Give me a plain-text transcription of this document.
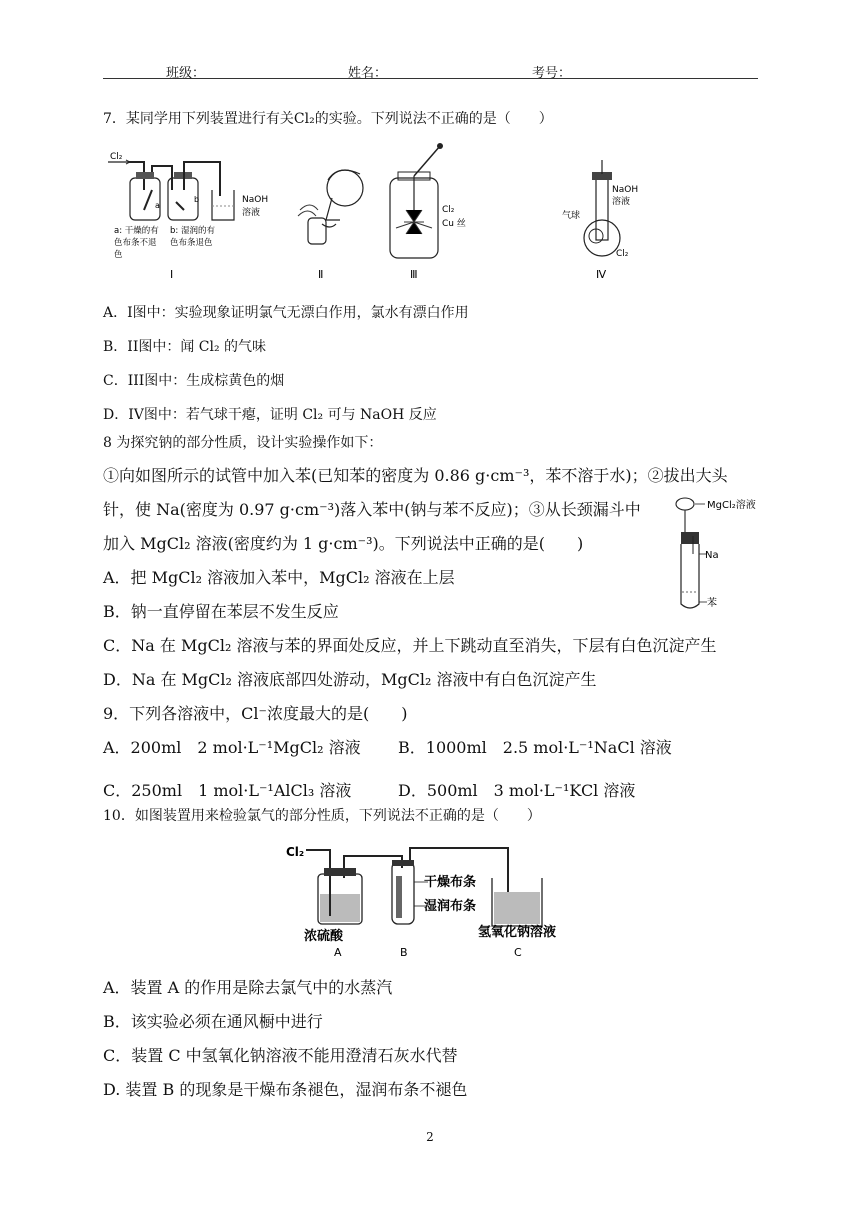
班级：	姓名：	考号：
7．某同学用下列装置进行有关Cl₂的实验。下列说法不正确的是（　　）
Cl₂
a
b	NaOH
溶液
a: 干燥的有
色布条不退
色
b: 湿润的有
色布条退色
Ⅰ	Ⅱ
Cl₂
Cu 丝
Ⅲ
气球
NaOH
溶液
Cl₂
Ⅳ
A．I图中：实验现象证明氯气无漂白作用，氯水有漂白作用
B．II图中：闻 Cl₂ 的气味
C．III图中：生成棕黄色的烟
D．IV图中：若气球干瘪，证明 Cl₂ 可与 NaOH 反应
8 为探究钠的部分性质，设计实验操作如下：
①向如图所示的试管中加入苯(已知苯的密度为 0.86 g·cm⁻³，苯不溶于水)；②拔出大头
针，使 Na(密度为 0.97 g·cm⁻³)落入苯中(钠与苯不反应)；③从长颈漏斗中
加入 MgCl₂ 溶液(密度约为 1 g·cm⁻³)。下列说法中正确的是(　　)
MgCl₂溶液
Na
苯
A．把 MgCl₂ 溶液加入苯中，MgCl₂ 溶液在上层
B．钠一直停留在苯层不发生反应
C．Na 在 MgCl₂ 溶液与苯的界面处反应，并上下跳动直至消失，下层有白色沉淀产生
D．Na 在 MgCl₂ 溶液底部四处游动，MgCl₂ 溶液中有白色沉淀产生
9．下列各溶液中，Cl⁻浓度最大的是(　　)
A．200ml　2 mol·L⁻¹MgCl₂ 溶液 B．1000ml　2.5 mol·L⁻¹NaCl 溶液
C．250ml　1 mol·L⁻¹AlCl₃ 溶液	D．500ml　3 mol·L⁻¹KCl 溶液
10．如图装置用来检验氯气的部分性质，下列说法不正确的是（　　）
Cl₂
干燥布条
湿润布条
浓硫酸	氢氧化钠溶液
A	B	C
A．装置 A 的作用是除去氯气中的水蒸汽
B．该实验必须在通风橱中进行
C．装置 C 中氢氧化钠溶液不能用澄清石灰水代替
D. 装置 B 的现象是干燥布条褪色，湿润布条不褪色
2
